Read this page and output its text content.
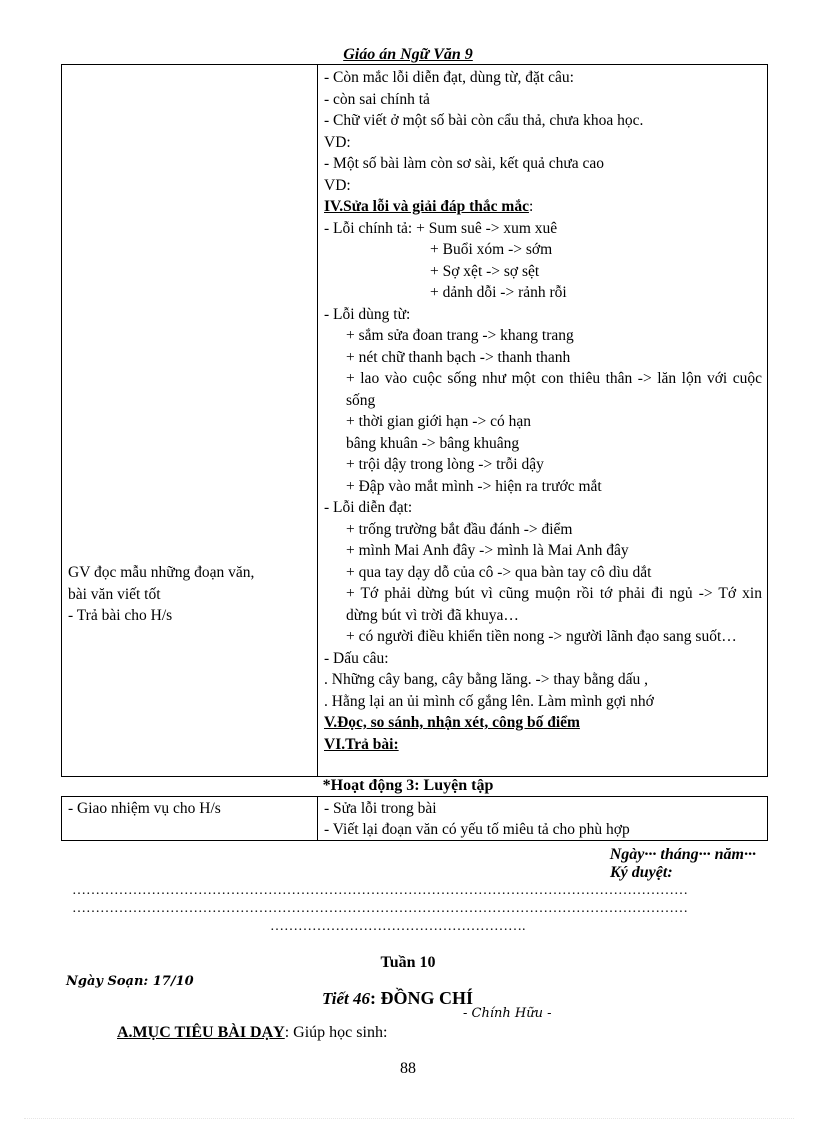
Giáo án Ngữ Văn 9
GV đọc mẫu những đoạn văn,
bài văn viết tốt
- Trả bài cho H/s
- Còn mắc lỗi diễn đạt, dùng từ, đặt câu:
- còn sai chính tả
- Chữ viết ở một số bài còn cẩu thả, chưa khoa học.
VD:
- Một số bài làm còn sơ sài, kết quả chưa cao
VD:
IV.Sửa lỗi và giải đáp thắc mắc:
- Lỗi chính tả: + Sum suê -> xum xuê
+ Buổi xóm -> sớm
+ Sợ xệt -> sợ sệt
+ dảnh dỗi -> rảnh rỗi
- Lỗi dùng từ:
+ sắm sửa đoan trang -> khang trang
+ nét chữ thanh bạch -> thanh thanh
+ lao vào cuộc sống như một con thiêu thân -> lăn lộn với cuộc sống
+ thời gian giới hạn -> có hạn
bâng khuân -> bâng khuâng
+ trội dậy trong lòng -> trỗi dậy
+ Đập vào mắt mình -> hiện ra trước mắt
- Lỗi diễn đạt:
+ trống trường bắt đầu đánh -> điểm
+ mình Mai Anh đây -> mình là Mai Anh đây
+ qua tay dạy dỗ của cô -> qua bàn tay cô dìu dắt
+ Tớ phải dừng bút vì cũng muộn rồi tớ phải đi ngủ -> Tớ xin dừng bút vì trời đã khuya…
+ có người điều khiển tiền nong -> người lãnh đạo sang suốt…
- Dấu câu:
. Những cây bang, cây bằng lăng. -> thay bằng dấu ,
. Hằng lại an ủi mình cố gắng lên. Làm mình gợi nhớ
V.Đọc, so sánh, nhận xét, công bố điểm
VI.Trả bài:
*Hoạt động 3: Luyện tập
- Giao nhiệm vụ cho H/s	- Sửa lỗi trong bài
- Viết lại đoạn văn có yếu tố miêu tả cho phù hợp
Ngày··· tháng··· năm···
Ký duyệt:
……………………………………………………………………………………………………………………
……………………………………………………………………………………………………………………
……………………………………………….
Tuần 10
Ngày Soạn: 17/10
Tiết 46: ĐỒNG CHÍ
- Chính Hữu -
A.MỤC TIÊU BÀI DẠY: Giúp học sinh:
88
